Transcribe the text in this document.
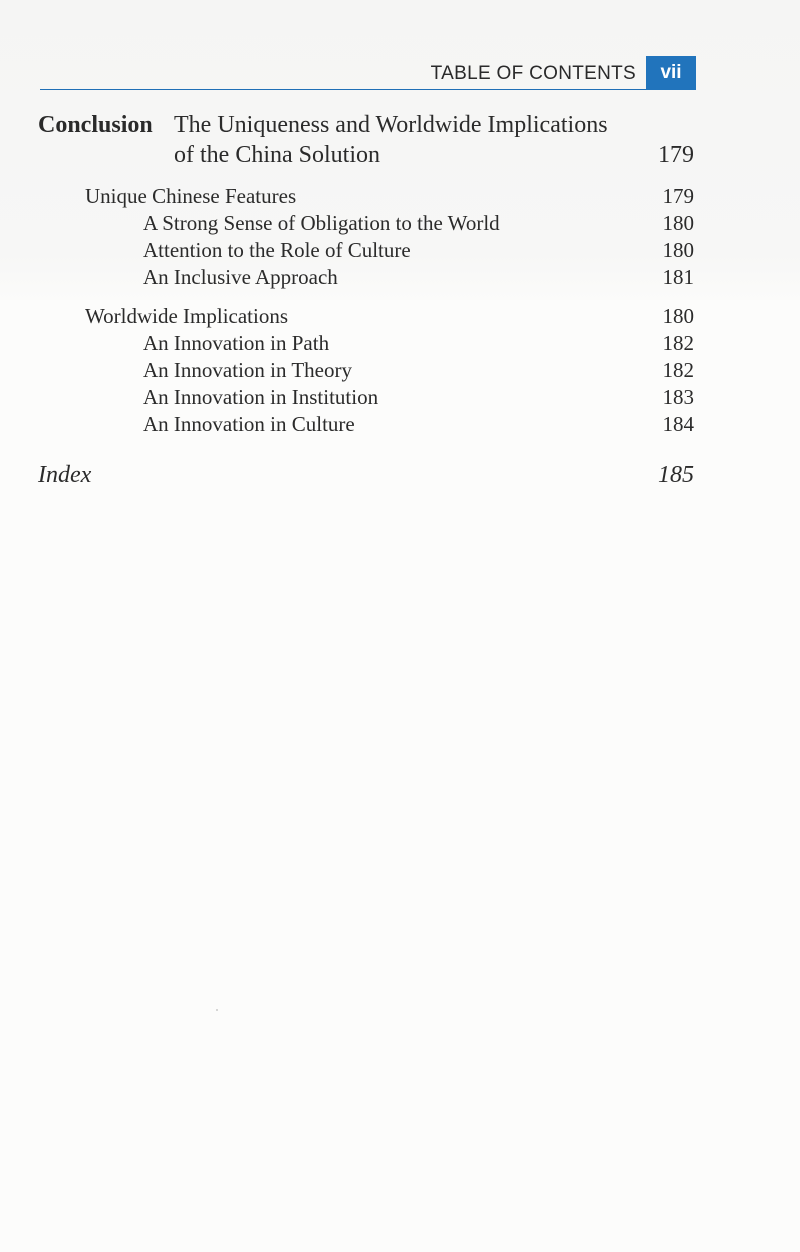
TABLE OF CONTENTS	vii
Conclusion The Uniqueness and Worldwide Implications
of the China Solution	179
Unique Chinese Features	179
A Strong Sense of Obligation to the World	180
Attention to the Role of Culture	180
An Inclusive Approach	181
Worldwide Implications	180
An Innovation in Path	182
An Innovation in Theory	182
An Innovation in Institution	183
An Innovation in Culture	184
Index	185
